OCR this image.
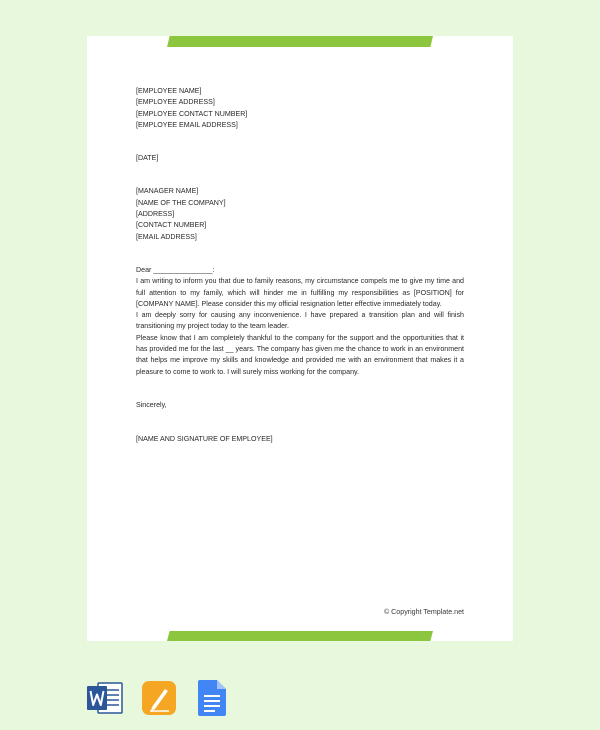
[EMPLOYEE NAME]
[EMPLOYEE ADDRESS]
[EMPLOYEE CONTACT NUMBER]
[EMPLOYEE EMAIL ADDRESS]
[DATE]
[MANAGER NAME]
[NAME OF THE COMPANY]
[ADDRESS]
[CONTACT NUMBER]
[EMAIL ADDRESS]
Dear _______________:

I am writing to inform you that due to family reasons, my circumstance compels me to give my time and full attention to my family, which will hinder me in fulfilling my responsibilities as [POSITION] for [COMPANY NAME]. Please consider this my official resignation letter effective immediately today.

I am deeply sorry for causing any inconvenience. I have prepared a transition plan and will finish transitioning my project today to the team leader.

Please know that I am completely thankful to the company for the support and the opportunities that it has provided me for the last __ years. The company has given me the chance to work in an environment that helps me improve my skills and knowledge and provided me with an environment that makes it a pleasure to come to work to. I will surely miss working for the company.

Sincerely,
[NAME AND SIGNATURE OF EMPLOYEE]
© Copyright Template.net
